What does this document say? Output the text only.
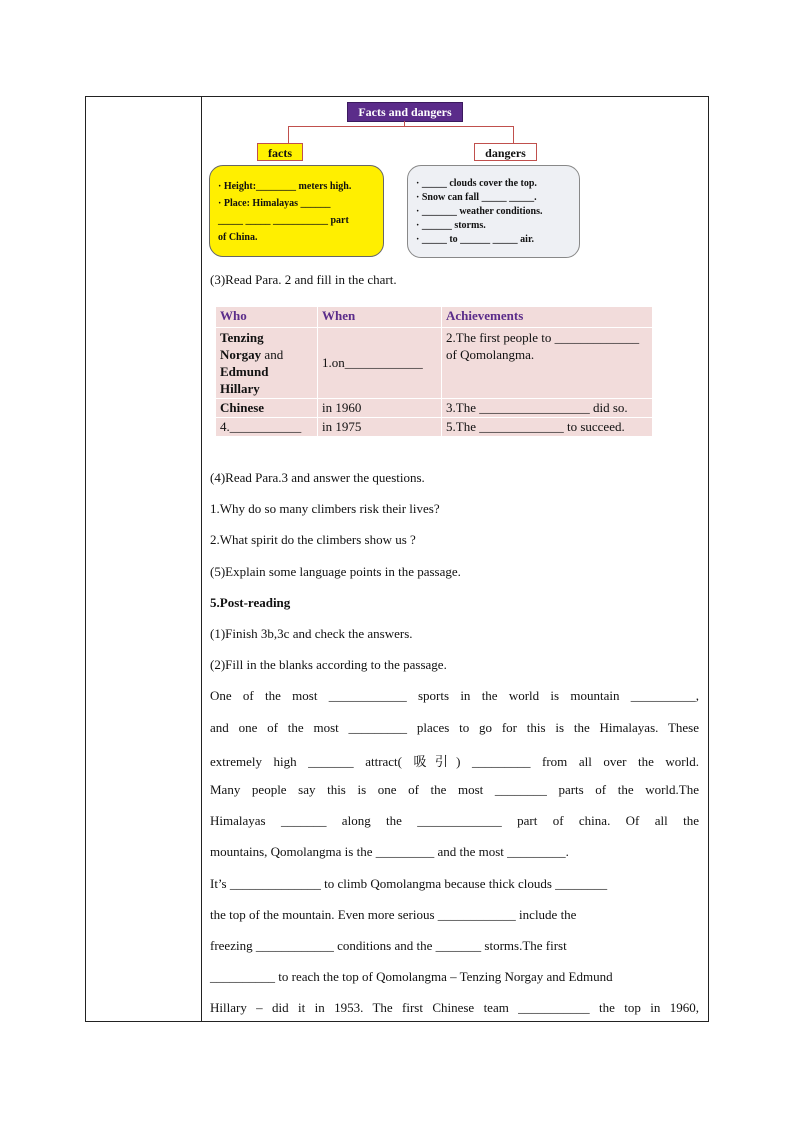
Facts and dangers
facts	dangers
· Height:________ meters high.
· Place: Himalayas ______
_____ _____ ___________ part
of China.
· _____ clouds cover the top.
· Snow can fall _____ _____.
· _______ weather conditions.
· ______ storms.
· _____ to ______ _____ air.
(3)Read Para. 2 and fill in the chart.
Who	When	Achievements
Tenzing
Norgay and
Edmund
Hillary	1.on____________	2.The first people to _____________ of Qomolangma.
Chinese	in 1960	3.The _________________ did so.
4.___________	in 1975	5.The _____________ to succeed.
(4)Read Para.3 and answer the questions.
1.Why do so many climbers risk their lives?
2.What spirit do the climbers show us ?
(5)Explain some language points in the passage.
5.Post-reading
(1)Finish 3b,3c and check the answers.
(2)Fill in the blanks according to the passage.
One of the most ____________ sports in the world is mountain __________,
and one of the most _________ places to go for this is the Himalayas. These
extremely high _______ attract( 吸引) _________ from all over the world.
Many people say this is one of the most ________ parts of the world.The
Himalayas _______ along the _____________ part of china. Of all the
mountains, Qomolangma is the _________ and the most _________.
It’s ______________ to climb Qomolangma because thick clouds ________
the top of the mountain. Even more serious ____________ include the
freezing ____________ conditions and the _______ storms.The first
__________ to reach the top of Qomolangma – Tenzing Norgay and Edmund
Hillary – did it in 1953. The first Chinese team ___________ the top in 1960,
